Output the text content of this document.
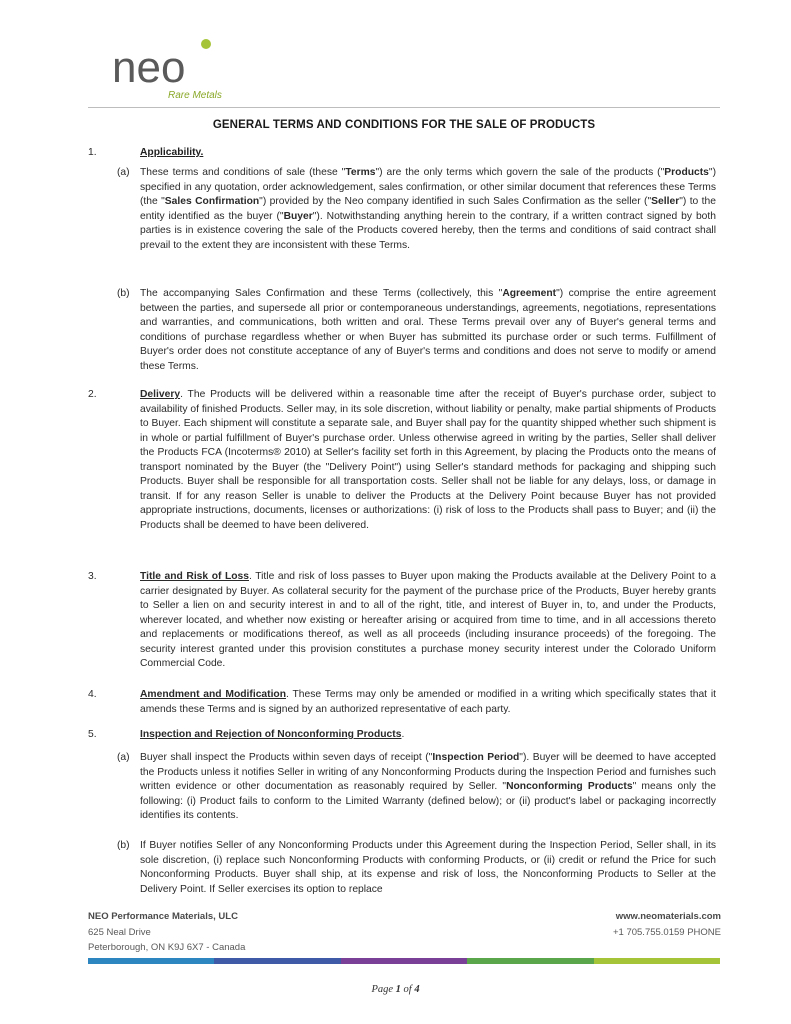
neo
Rare Metals
GENERAL TERMS AND CONDITIONS FOR THE SALE OF PRODUCTS
1.	Applicability.
(a) These terms and conditions of sale (these "Terms") are the only terms which govern the sale of the products ("Products") specified in any quotation, order acknowledgement, sales confirmation, or other similar document that references these Terms (the "Sales Confirmation") provided by the Neo company identified in such Sales Confirmation as the seller ("Seller") to the entity identified as the buyer ("Buyer"). Notwithstanding anything herein to the contrary, if a written contract signed by both parties is in existence covering the sale of the Products covered hereby, then the terms and conditions of said contract shall prevail to the extent they are inconsistent with these Terms.
(b) The accompanying Sales Confirmation and these Terms (collectively, this "Agreement") comprise the entire agreement between the parties, and supersede all prior or contemporaneous understandings, agreements, negotiations, representations and warranties, and communications, both written and oral. These Terms prevail over any of Buyer's general terms and conditions of purchase regardless whether or when Buyer has submitted its purchase order or such terms. Fulfillment of Buyer's order does not constitute acceptance of any of Buyer's terms and conditions and does not serve to modify or amend these Terms.
2.	Delivery. The Products will be delivered within a reasonable time after the receipt of Buyer's purchase order, subject to availability of finished Products. Seller may, in its sole discretion, without liability or penalty, make partial shipments of Products to Buyer. Each shipment will constitute a separate sale, and Buyer shall pay for the quantity shipped whether such shipment is in whole or partial fulfillment of Buyer's purchase order. Unless otherwise agreed in writing by the parties, Seller shall deliver the Products FCA (Incoterms® 2010) at Seller's facility set forth in this Agreement, by placing the Products onto the means of transport nominated by the Buyer (the "Delivery Point") using Seller's standard methods for packaging and shipping such Products. Buyer shall be responsible for all transportation costs. Seller shall not be liable for any delays, loss, or damage in transit. If for any reason Seller is unable to deliver the Products at the Delivery Point because Buyer has not provided appropriate instructions, documents, licenses or authorizations: (i) risk of loss to the Products shall pass to Buyer; and (ii) the Products shall be deemed to have been delivered.
3.	Title and Risk of Loss. Title and risk of loss passes to Buyer upon making the Products available at the Delivery Point to a carrier designated by Buyer. As collateral security for the payment of the purchase price of the Products, Buyer hereby grants to Seller a lien on and security interest in and to all of the right, title, and interest of Buyer in, to, and under the Products, wherever located, and whether now existing or hereafter arising or acquired from time to time, and in all accessions thereto and replacements or modifications thereof, as well as all proceeds (including insurance proceeds) of the foregoing. The security interest granted under this provision constitutes a purchase money security interest under the Colorado Uniform Commercial Code.
4.	Amendment and Modification. These Terms may only be amended or modified in a writing which specifically states that it amends these Terms and is signed by an authorized representative of each party.
5.	Inspection and Rejection of Nonconforming Products.
(a) Buyer shall inspect the Products within seven days of receipt ("Inspection Period"). Buyer will be deemed to have accepted the Products unless it notifies Seller in writing of any Nonconforming Products during the Inspection Period and furnishes such written evidence or other documentation as reasonably required by Seller. "Nonconforming Products" means only the following: (i) Product fails to conform to the Limited Warranty (defined below); or (ii) product's label or packaging incorrectly identifies its contents.
(b) If Buyer notifies Seller of any Nonconforming Products under this Agreement during the Inspection Period, Seller shall, in its sole discretion, (i) replace such Nonconforming Products with conforming Products, or (ii) credit or refund the Price for such Nonconforming Products. Buyer shall ship, at its expense and risk of loss, the Nonconforming Products to Seller at the Delivery Point. If Seller exercises its option to replace
NEO Performance Materials, ULC
625 Neal Drive
Peterborough, ON K9J 6X7 - Canada
www.neomaterials.com
+1 705.755.0159 PHONE
Page 1 of 4
